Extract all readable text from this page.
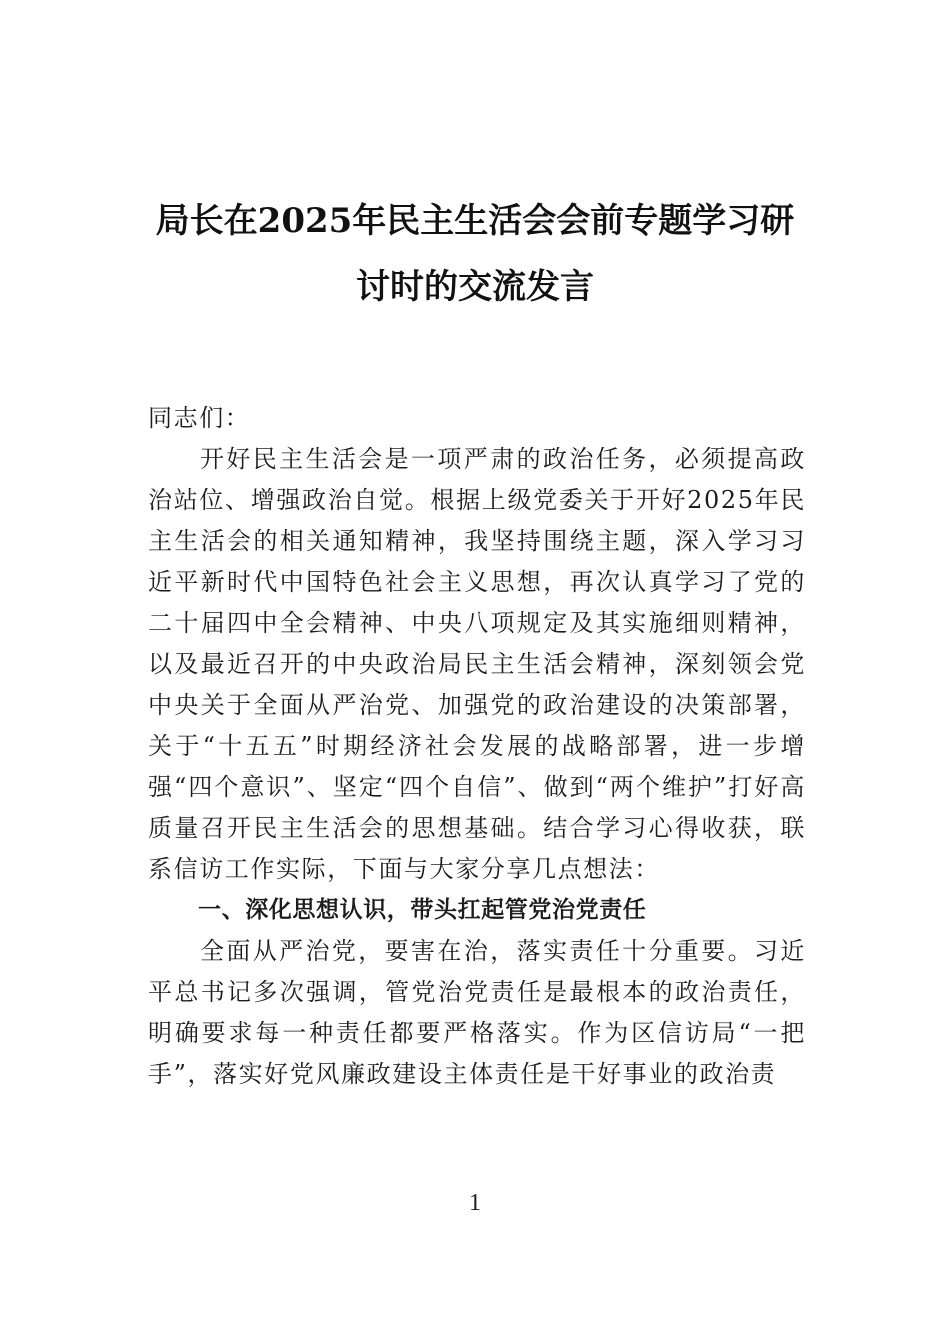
局长在2025年民主生活会会前专题学习研
讨时的交流发言

同志们：

开好民主生活会是一项严肃的政治任务，必须提高政治站位、增强政治自觉。根据上级党委关于开好2025年民主生活会的相关通知精神，我坚持围绕主题，深入学习习近平新时代中国特色社会主义思想，再次认真学习了党的二十届四中全会精神、中央八项规定及其实施细则精神，以及最近召开的中央政治局民主生活会精神，深刻领会党中央关于全面从严治党、加强党的政治建设的决策部署，关于“十五五”时期经济社会发展的战略部署，进一步增强“四个意识”、坚定“四个自信”、做到“两个维护”打好高质量召开民主生活会的思想基础。结合学习心得收获，联系信访工作实际，下面与大家分享几点想法：

一、深化思想认识，带头扛起管党治党责任

全面从严治党，要害在治，落实责任十分重要。习近平总书记多次强调，管党治党责任是最根本的政治责任，明确要求每一种责任都要严格落实。作为区信访局“一把手”，落实好党风廉政建设主体责任是干好事业的政治责

1
